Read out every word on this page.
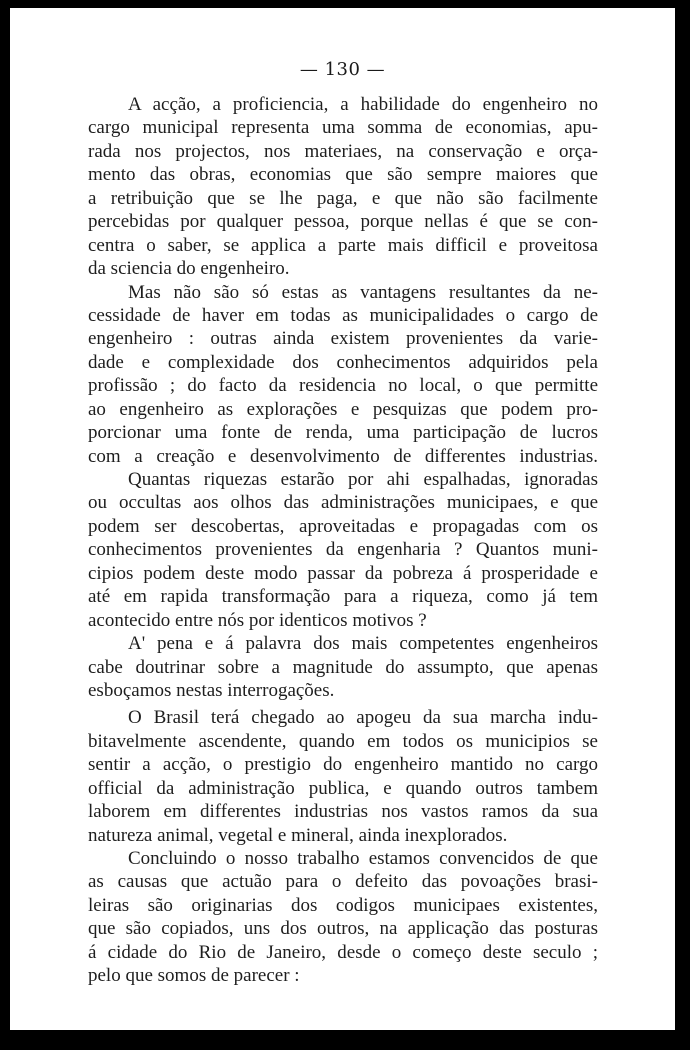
— 130 —
A acção, a proficiencia, a habilidade do engenheiro no
cargo municipal representa uma somma de economias, apu-
rada nos projectos, nos materiaes, na conservação e orça-
mento das obras, economias que são sempre maiores que
a retribuição que se lhe paga, e que não são facilmente
percebidas por qualquer pessoa, porque nellas é que se con-
centra o saber, se applica a parte mais difficil e proveitosa
da sciencia do engenheiro.
Mas não são só estas as vantagens resultantes da ne-
cessidade de haver em todas as municipalidades o cargo de
engenheiro : outras ainda existem provenientes da varie-
dade e complexidade dos conhecimentos adquiridos pela
profissão ; do facto da residencia no local, o que permitte
ao engenheiro as explorações e pesquizas que podem pro-
porcionar uma fonte de renda, uma participação de lucros
com a creação e desenvolvimento de differentes industrias.
Quantas riquezas estarão por ahi espalhadas, ignoradas
ou occultas aos olhos das administrações municipaes, e que
podem ser descobertas, aproveitadas e propagadas com os
conhecimentos provenientes da engenharia ? Quantos muni-
cipios podem deste modo passar da pobreza á prosperidade e
até em rapida transformação para a riqueza, como já tem
acontecido entre nós por identicos motivos ?
A' pena e á palavra dos mais competentes engenheiros
cabe doutrinar sobre a magnitude do assumpto, que apenas
esboçamos nestas interrogações.
O Brasil terá chegado ao apogeu da sua marcha indu-
bitavelmente ascendente, quando em todos os municipios se
sentir a acção, o prestigio do engenheiro mantido no cargo
official da administração publica, e quando outros tambem
laborem em differentes industrias nos vastos ramos da sua
natureza animal, vegetal e mineral, ainda inexplorados.
Concluindo o nosso trabalho estamos convencidos de que
as causas que actuão para o defeito das povoações brasi-
leiras são originarias dos codigos municipaes existentes,
que são copiados, uns dos outros, na applicação das posturas
á cidade do Rio de Janeiro, desde o começo deste seculo ;
pelo que somos de parecer :
